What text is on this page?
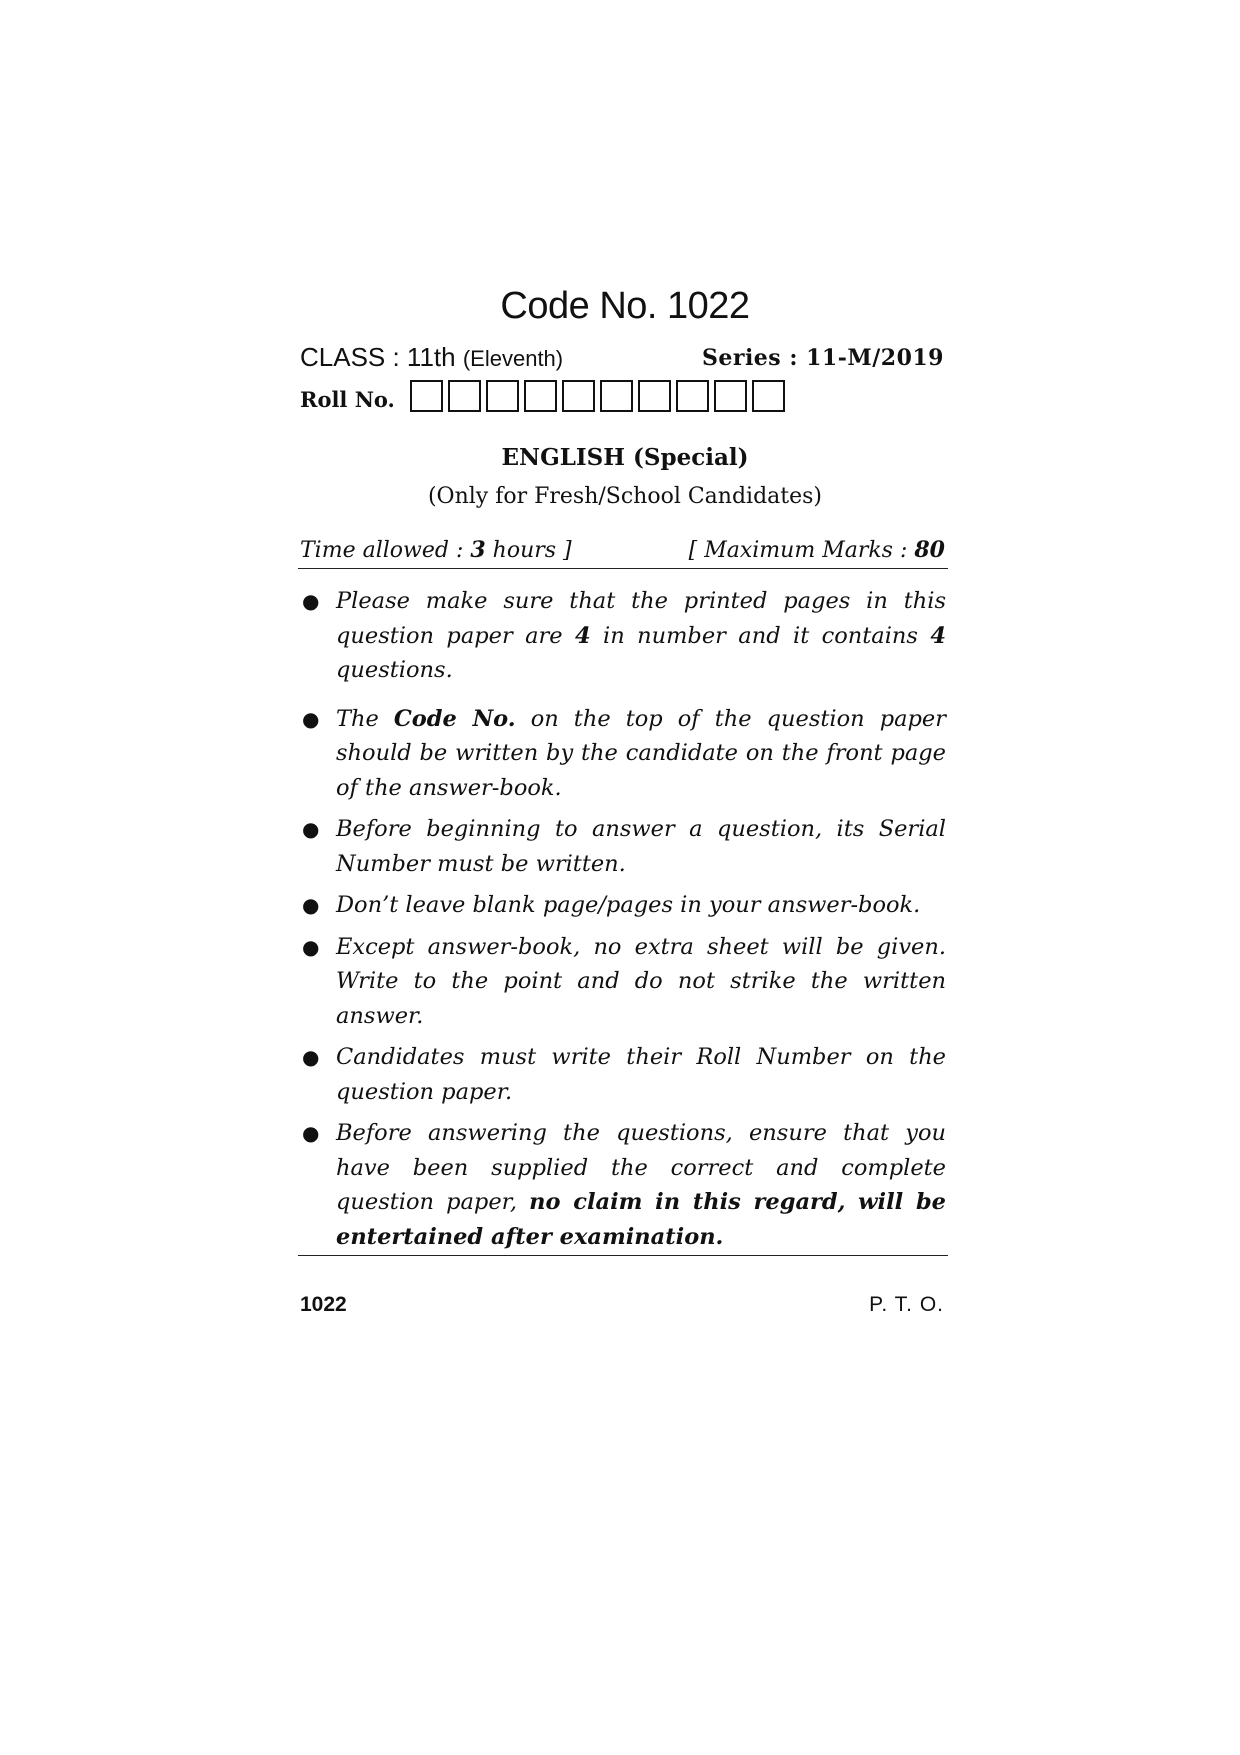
Code No. 1022
CLASS : 11th (Eleventh)	Series : 11-M/2019
Roll No.
ENGLISH (Special)
(Only for Fresh/School Candidates)
Time allowed : 3 hours ]	[ Maximum Marks : 80
● Please make sure that the printed pages in this question paper are 4 in number and it contains 4 questions.
● The Code No. on the top of the question paper should be written by the candidate on the front page of the answer-book.
● Before beginning to answer a question, its Serial Number must be written.
● Don’t leave blank page/pages in your answer-book.
● Except answer-book, no extra sheet will be given. Write to the point and do not strike the written answer.
● Candidates must write their Roll Number on the question paper.
● Before answering the questions, ensure that you have been supplied the correct and complete question paper, no claim in this regard, will be entertained after examination.
1022	P. T. O.
